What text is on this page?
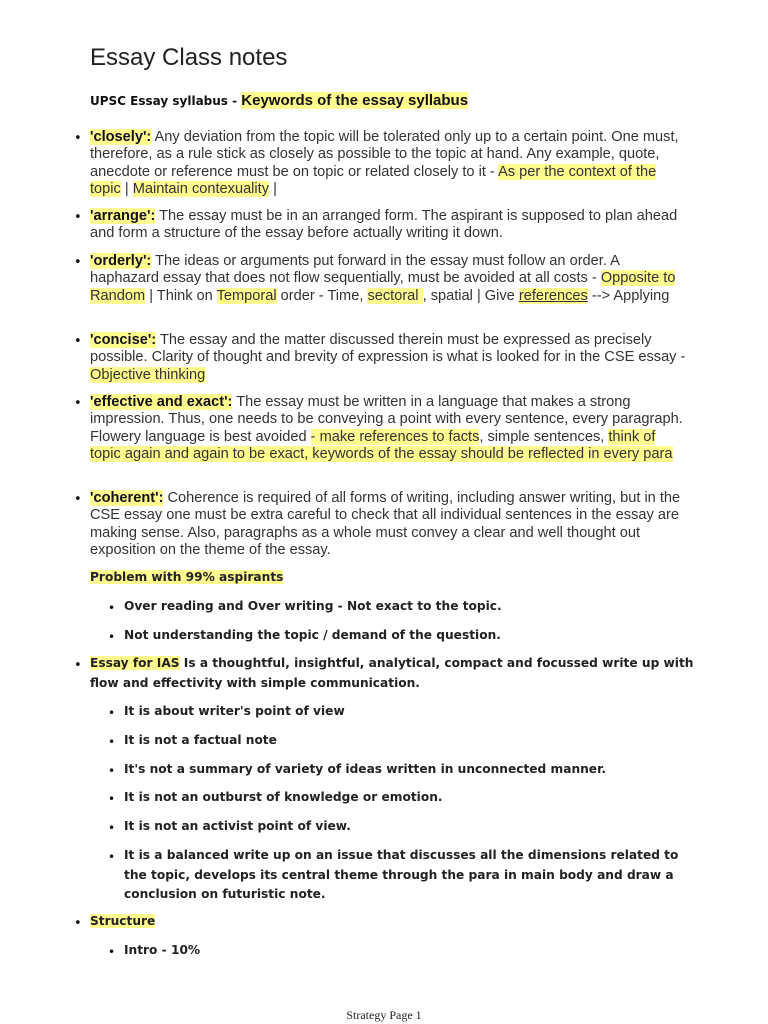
Essay Class notes
UPSC Essay syllabus - Keywords of the essay syllabus
• 'closely': Any deviation from the topic will be tolerated only up to a certain point. One must, therefore, as a rule stick as closely as possible to the topic at hand. Any example, quote, anecdote or reference must be on topic or related closely to it - As per the context of the topic | Maintain contexuality |
• 'arrange': The essay must be in an arranged form. The aspirant is supposed to plan ahead and form a structure of the essay before actually writing it down.
• 'orderly': The ideas or arguments put forward in the essay must follow an order. A haphazard essay that does not flow sequentially, must be avoided at all costs - Opposite to Random | Think on Temporal order - Time, sectoral , spatial | Give references --> Applying
• 'concise': The essay and the matter discussed therein must be expressed as precisely possible. Clarity of thought and brevity of expression is what is looked for in the CSE essay - Objective thinking
• 'effective and exact': The essay must be written in a language that makes a strong impression. Thus, one needs to be conveying a point with every sentence, every paragraph. Flowery language is best avoided - make references to facts, simple sentences, think of topic again and again to be exact, keywords of the essay should be reflected in every para
• 'coherent': Coherence is required of all forms of writing, including answer writing, but in the CSE essay one must be extra careful to check that all individual sentences in the essay are making sense. Also, paragraphs as a whole must convey a clear and well thought out exposition on the theme of the essay.
Problem with 99% aspirants
• Over reading and Over writing - Not exact to the topic.
• Not understanding the topic / demand of the question.
• Essay for IAS Is a thoughtful, insightful, analytical, compact and focussed write up with flow and effectivity with simple communication.
• It is about writer's point of view
• It is not a factual note
• It's not a summary of variety of ideas written in unconnected manner.
• It is not an outburst of knowledge or emotion.
• It is not an activist point of view.
• It is a balanced write up on an issue that discusses all the dimensions related to the topic, develops its central theme through the para in main body and draw a conclusion on futuristic note.
• Structure
• Intro - 10%
Strategy Page 1
